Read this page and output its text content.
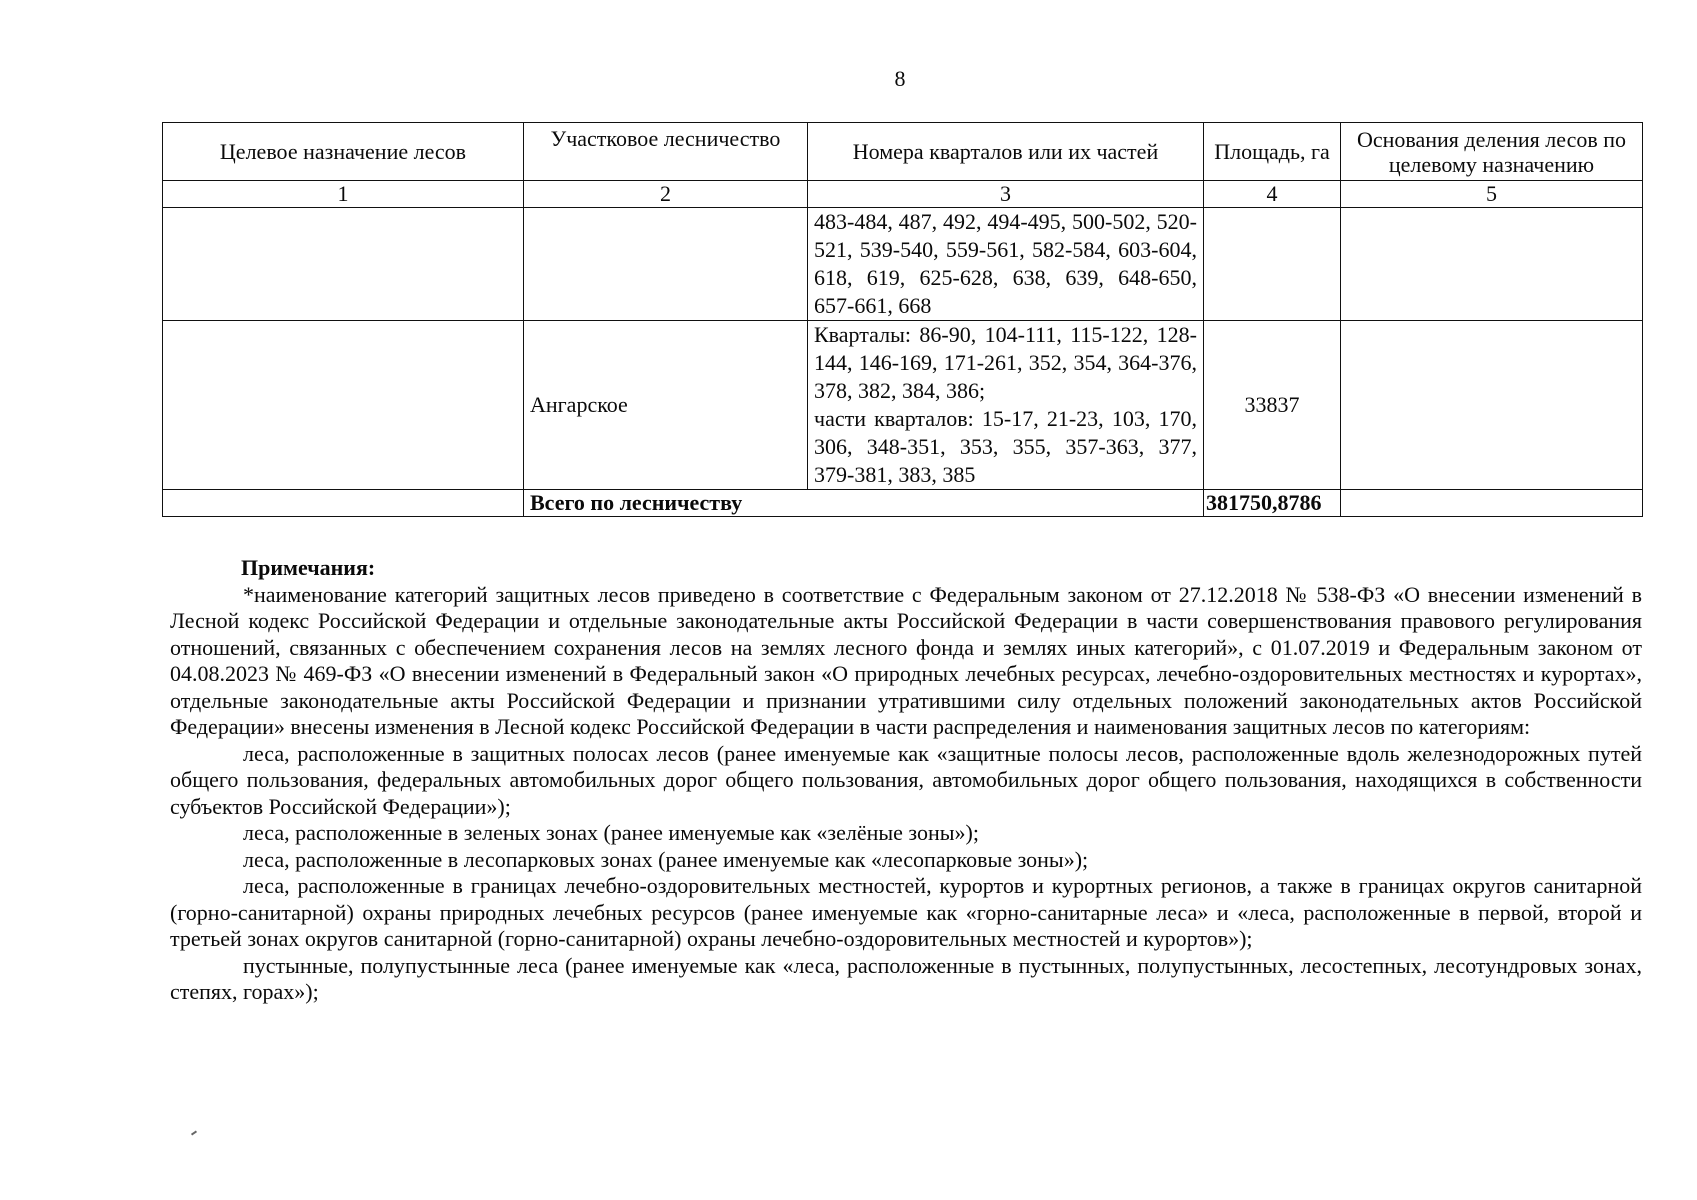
8
Целевое назначение лесов	Участковое лесничество	Номера кварталов или их частей	Площадь, га	Основания деления лесов по целевому назначению
1	2	3	4	5
		483-484, 487, 492, 494-495, 500-502, 520-521, 539-540, 559-561, 582-584, 603-604, 618, 619, 625-628, 638, 639, 648-650, 657-661, 668		
	Ангарское	Кварталы: 86-90, 104-111, 115-122, 128-144, 146-169, 171-261, 352, 354, 364-376, 378, 382, 384, 386;
части кварталов: 15-17, 21-23, 103, 170, 306, 348-351, 353, 355, 357-363, 377, 379-381, 383, 385	33837	
	Всего по лесничеству		381750,8786	
Примечания:

*наименование категорий защитных лесов приведено в соответствие с Федеральным законом от 27.12.2018 № 538-ФЗ «О внесении изменений в Лесной кодекс Российской Федерации и отдельные законодательные акты Российской Федерации в части совершенствования правового регулирования отношений, связанных с обеспечением сохранения лесов на землях лесного фонда и землях иных категорий», с 01.07.2019 и Федеральным законом от 04.08.2023 № 469-ФЗ «О внесении изменений в Федеральный закон «О природных лечебных ресурсах, лечебно-оздоровительных местностях и курортах», отдельные законодательные акты Российской Федерации и признании утратившими силу отдельных положений законодательных актов Российской Федерации» внесены изменения в Лесной кодекс Российской Федерации в части распределения и наименования защитных лесов по категориям:

леса, расположенные в защитных полосах лесов (ранее именуемые как «защитные полосы лесов, расположенные вдоль железнодорожных путей общего пользования, федеральных автомобильных дорог общего пользования, автомобильных дорог общего пользования, находящихся в собственности субъектов Российской Федерации»);

леса, расположенные в зеленых зонах (ранее именуемые как «зелёные зоны»);

леса, расположенные в лесопарковых зонах (ранее именуемые как «лесопарковые зоны»);

леса, расположенные в границах лечебно-оздоровительных местностей, курортов и курортных регионов, а также в границах округов санитарной (горно-санитарной) охраны природных лечебных ресурсов (ранее именуемые как «горно-санитарные леса» и «леса, расположенные в первой, второй и третьей зонах округов санитарной (горно-санитарной) охраны лечебно-оздоровительных местностей и курортов»);

пустынные, полупустынные леса (ранее именуемые как «леса, расположенные в пустынных, полупустынных, лесостепных, лесотундровых зонах, степях, горах»);
